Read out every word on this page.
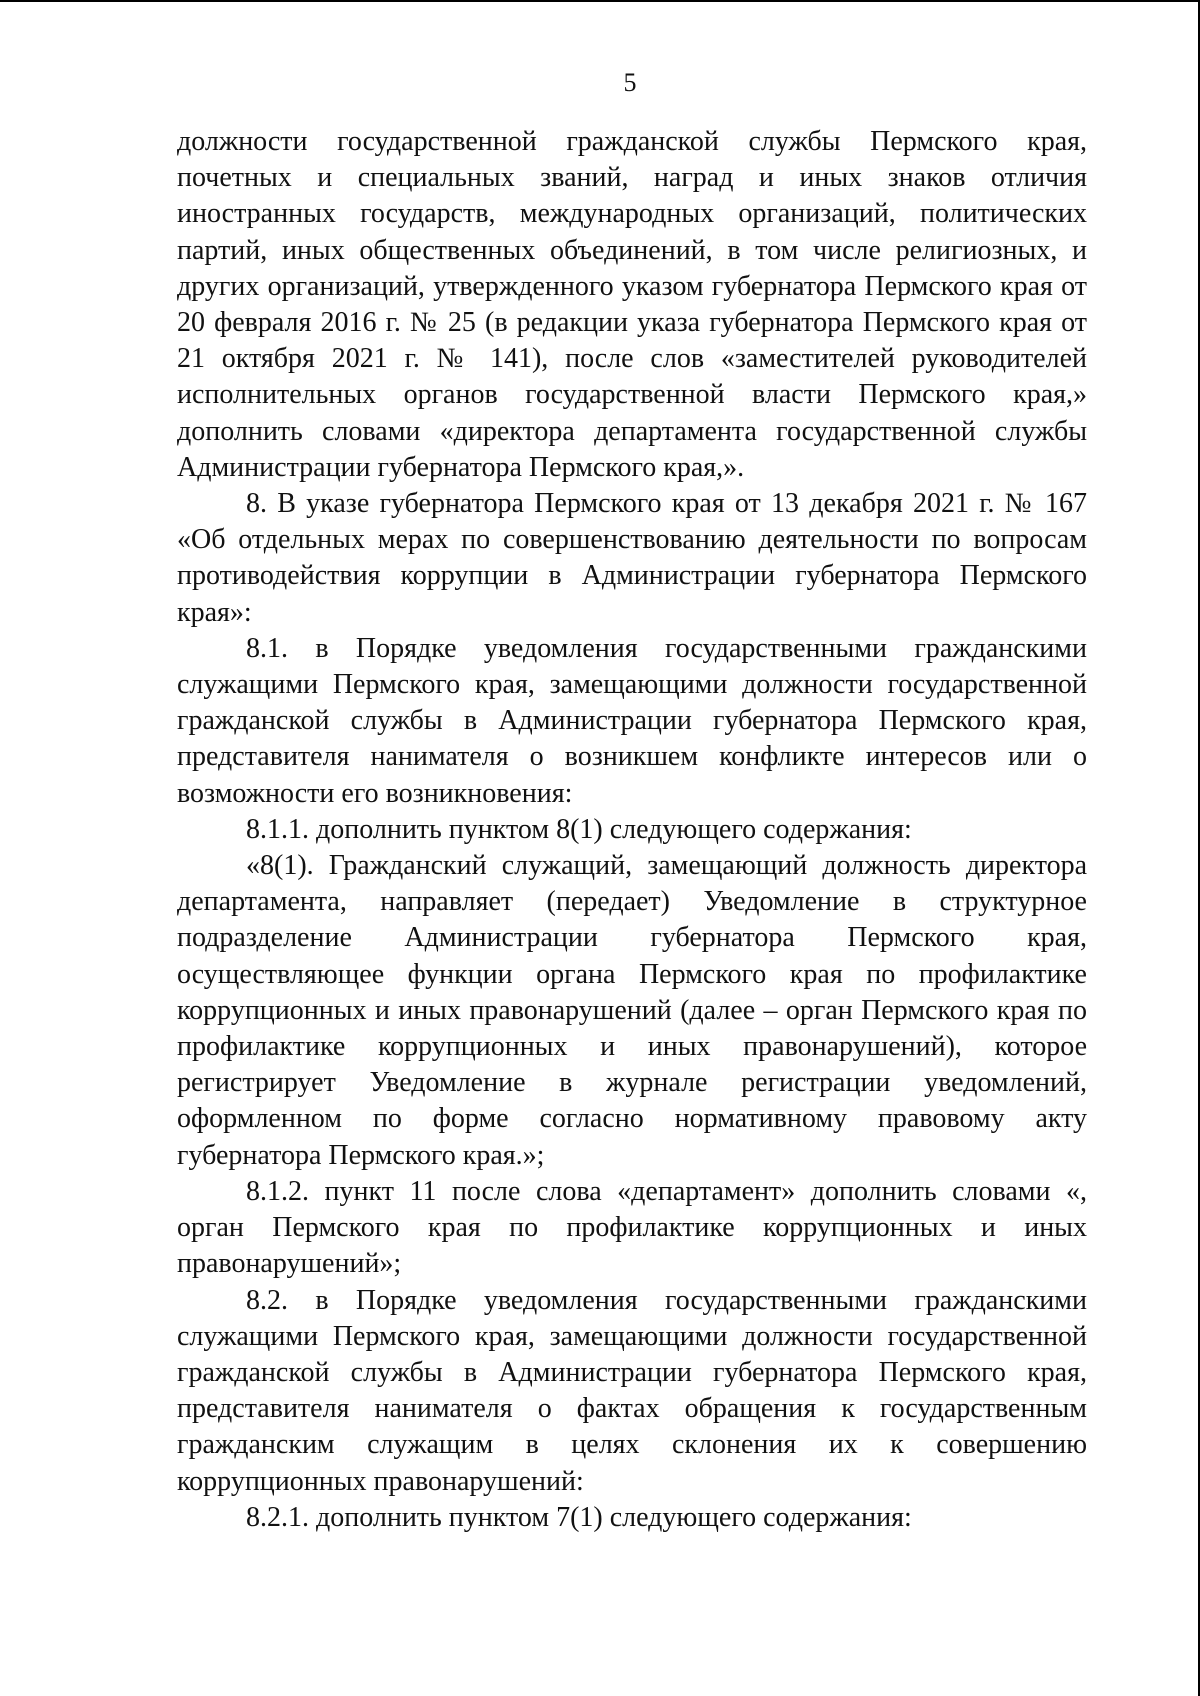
5

должности государственной гражданской службы Пермского края, почетных и специальных званий, наград и иных знаков отличия иностранных государств, международных организаций, политических партий, иных общественных объединений, в том числе религиозных, и других организаций, утвержденного указом губернатора Пермского края от 20 февраля 2016 г. № 25 (в редакции указа губернатора Пермского края от 21 октября 2021 г. № 141), после слов «заместителей руководителей исполнительных органов государственной власти Пермского края,» дополнить словами «директора департамента государственной службы Администрации губернатора Пермского края,».

8. В указе губернатора Пермского края от 13 декабря 2021 г. № 167 «Об отдельных мерах по совершенствованию деятельности по вопросам противодействия коррупции в Администрации губернатора Пермского края»:

8.1. в Порядке уведомления государственными гражданскими служащими Пермского края, замещающими должности государственной гражданской службы в Администрации губернатора Пермского края, представителя нанимателя о возникшем конфликте интересов или о возможности его возникновения:

8.1.1. дополнить пунктом 8(1) следующего содержания:

«8(1). Гражданский служащий, замещающий должность директора департамента, направляет (передает) Уведомление в структурное подразделение Администрации губернатора Пермского края, осуществляющее функции органа Пермского края по профилактике коррупционных и иных правонарушений (далее – орган Пермского края по профилактике коррупционных и иных правонарушений), которое регистрирует Уведомление в журнале регистрации уведомлений, оформленном по форме согласно нормативному правовому акту губернатора Пермского края.»;

8.1.2. пункт 11 после слова «департамент» дополнить словами «, орган Пермского края по профилактике коррупционных и иных правонарушений»;

8.2. в Порядке уведомления государственными гражданскими служащими Пермского края, замещающими должности государственной гражданской службы в Администрации губернатора Пермского края, представителя нанимателя о фактах обращения к государственным гражданским служащим в целях склонения их к совершению коррупционных правонарушений:

8.2.1. дополнить пунктом 7(1) следующего содержания:
